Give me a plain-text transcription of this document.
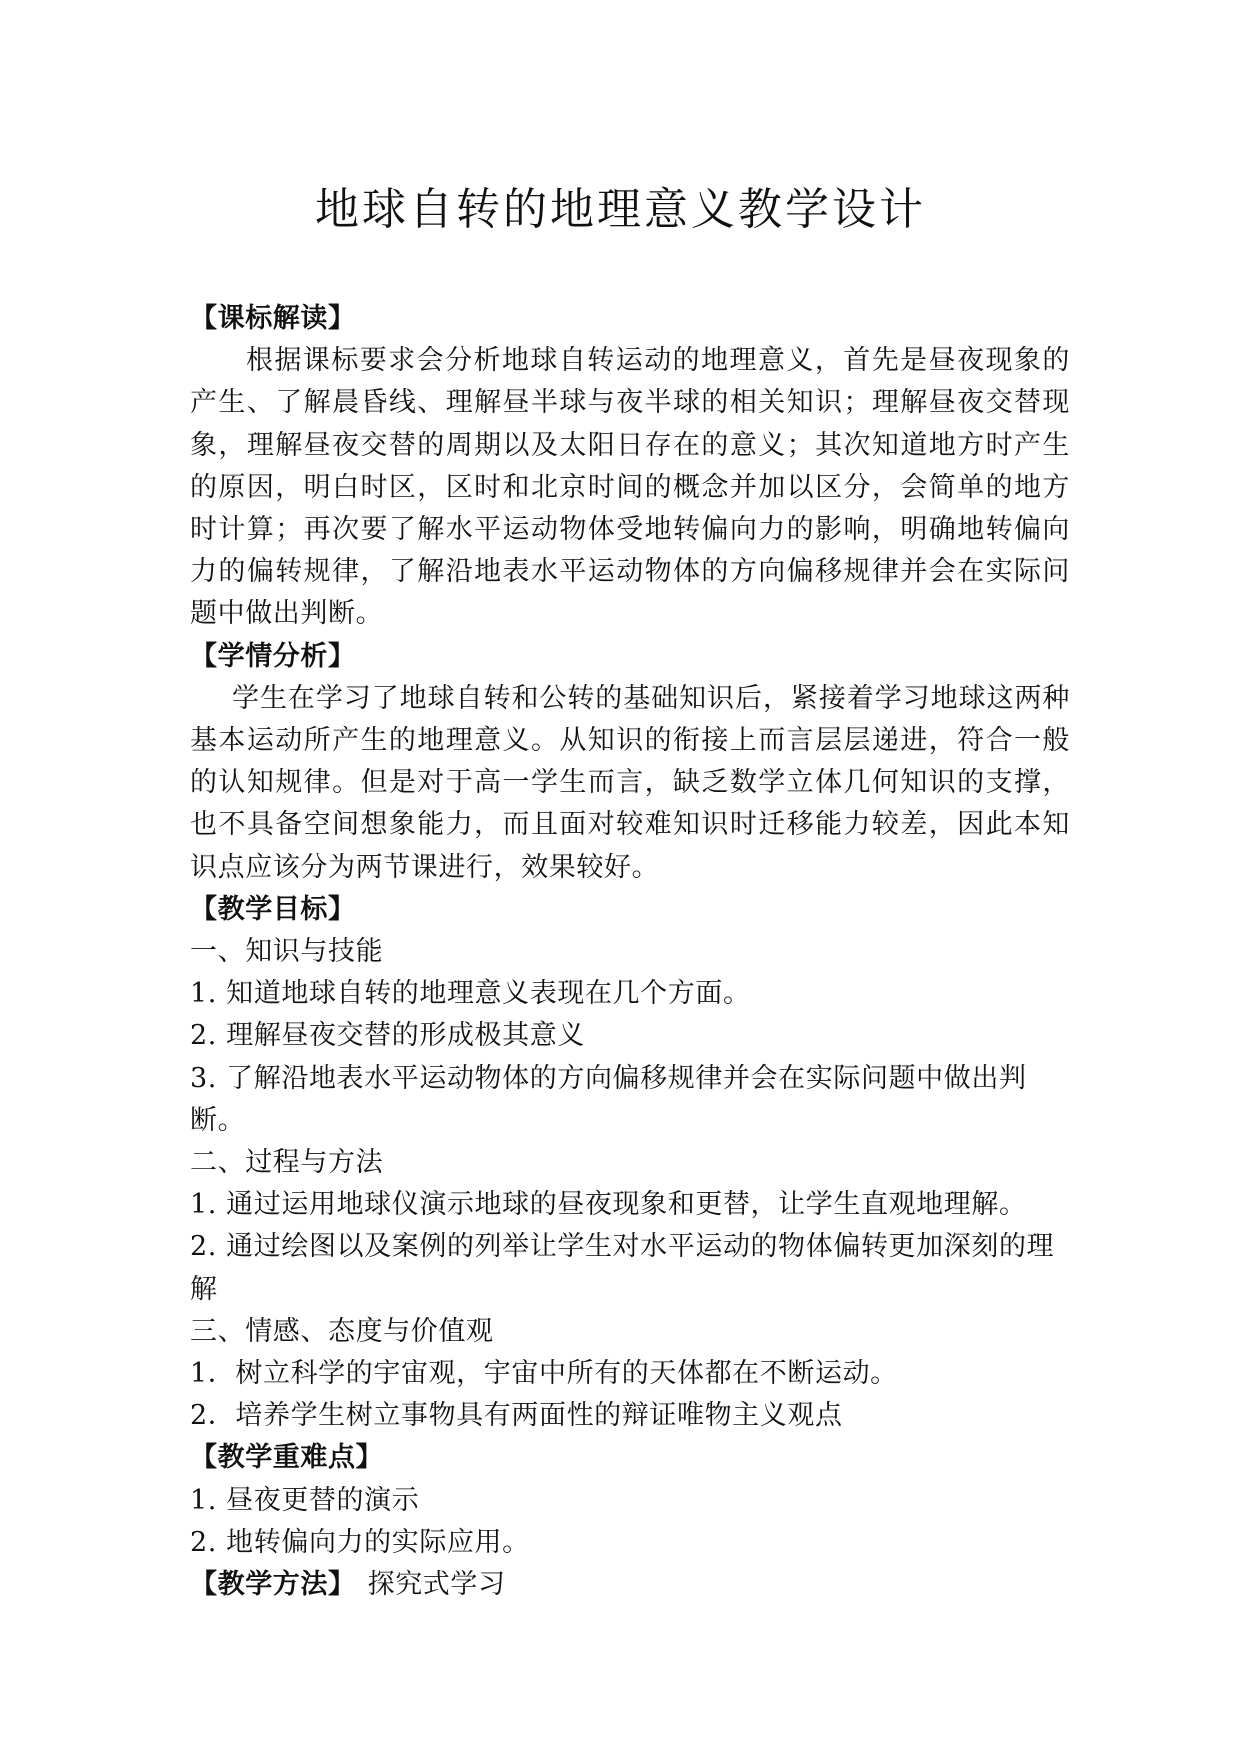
地球自转的地理意义教学设计

【课标解读】

根据课标要求会分析地球自转运动的地理意义，首先是昼夜现象的产生、了解晨昏线、理解昼半球与夜半球的相关知识；理解昼夜交替现象，理解昼夜交替的周期以及太阳日存在的意义；其次知道地方时产生的原因，明白时区，区时和北京时间的概念并加以区分，会简单的地方时计算；再次要了解水平运动物体受地转偏向力的影响，明确地转偏向力的偏转规律，了解沿地表水平运动物体的方向偏移规律并会在实际问题中做出判断。

【学情分析】

学生在学习了地球自转和公转的基础知识后，紧接着学习地球这两种基本运动所产生的地理意义。从知识的衔接上而言层层递进，符合一般的认知规律。但是对于高一学生而言，缺乏数学立体几何知识的支撑，也不具备空间想象能力，而且面对较难知识时迁移能力较差，因此本知识点应该分为两节课进行，效果较好。

【教学目标】

一、知识与技能

1. 知道地球自转的地理意义表现在几个方面。

2. 理解昼夜交替的形成极其意义

3. 了解沿地表水平运动物体的方向偏移规律并会在实际问题中做出判断。

二、过程与方法

1. 通过运用地球仪演示地球的昼夜现象和更替，让学生直观地理解。

2. 通过绘图以及案例的列举让学生对水平运动的物体偏转更加深刻的理解

三、情感、态度与价值观

1．树立科学的宇宙观，宇宙中所有的天体都在不断运动。

2．培养学生树立事物具有两面性的辩证唯物主义观点

【教学重难点】

1. 昼夜更替的演示

2. 地转偏向力的实际应用。

【教学方法】 探究式学习
